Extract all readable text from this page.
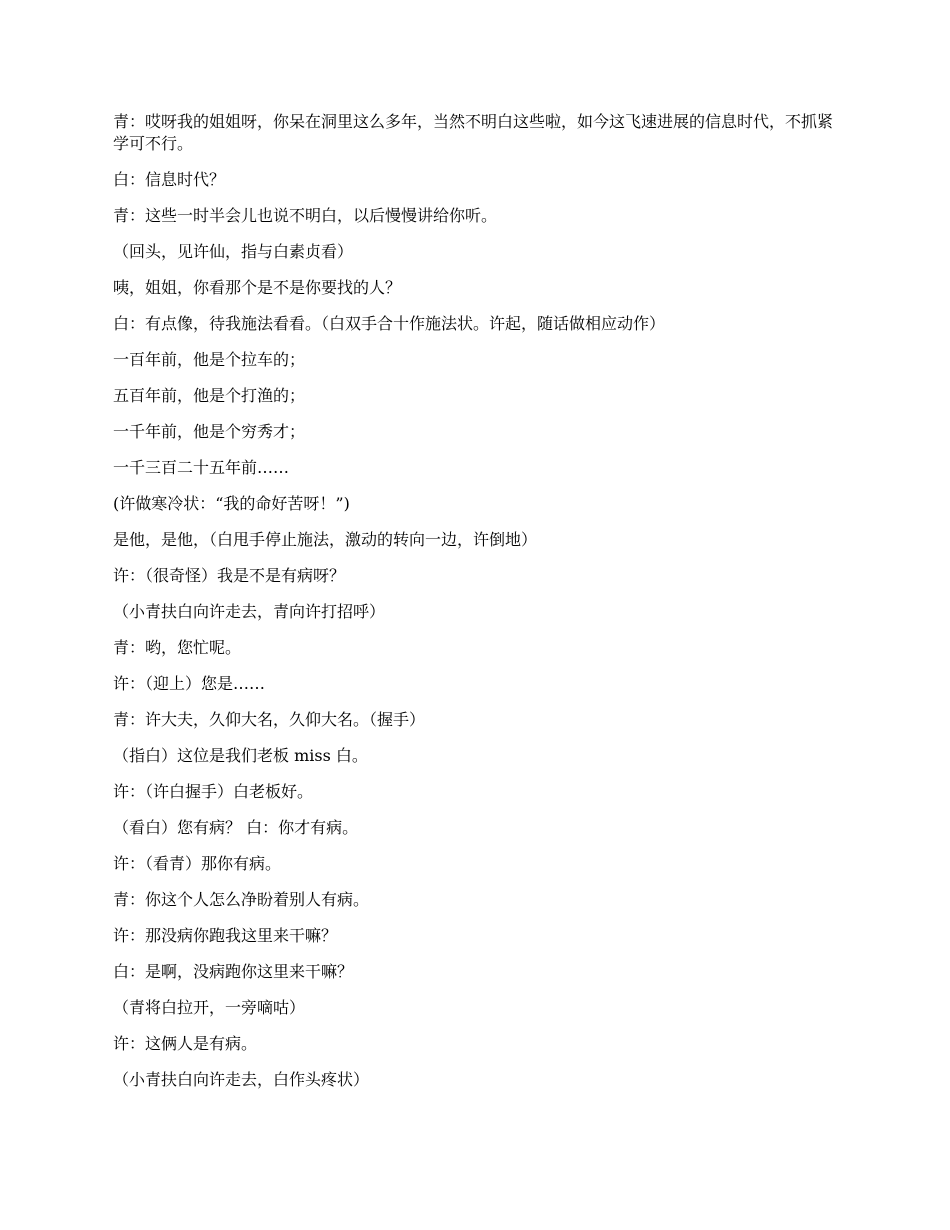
青：哎呀我的姐姐呀，你呆在洞里这么多年，当然不明白这些啦，如今这飞速进展的信息时代，不抓紧学可不行。

白：信息时代？

青：这些一时半会儿也说不明白，以后慢慢讲给你听。

（回头，见许仙，指与白素贞看）

咦，姐姐，你看那个是不是你要找的人？

白：有点像，待我施法看看。（白双手合十作施法状。许起，随话做相应动作）

一百年前，他是个拉车的；

五百年前，他是个打渔的；

一千年前，他是个穷秀才；

一千三百二十五年前……

(许做寒冷状：“我的命好苦呀！”)

是他，是他，（白甩手停止施法，激动的转向一边，许倒地）

许：（很奇怪）我是不是有病呀？

（小青扶白向许走去，青向许打招呼）

青：哟，您忙呢。

许：（迎上）您是……

青：许大夫，久仰大名，久仰大名。（握手）

（指白）这位是我们老板 miss 白。

许：（许白握手）白老板好。

（看白）您有病？ 白：你才有病。

许：（看青）那你有病。

青：你这个人怎么净盼着别人有病。

许：那没病你跑我这里来干嘛？

白：是啊，没病跑你这里来干嘛？

（青将白拉开，一旁嘀咕）

许：这俩人是有病。

（小青扶白向许走去，白作头疼状）
